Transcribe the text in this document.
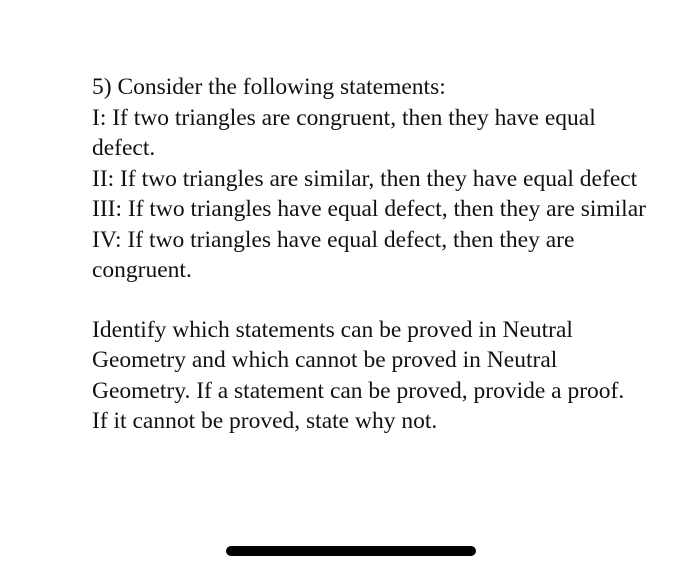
5) Consider the following statements:
I: If two triangles are congruent, then they have equal
defect.
II: If two triangles are similar, then they have equal defect
III: If two triangles have equal defect, then they are similar
IV: If two triangles have equal defect, then they are
congruent.
Identify which statements can be proved in Neutral
Geometry and which cannot be proved in Neutral
Geometry. If a statement can be proved, provide a proof.
If it cannot be proved, state why not.
